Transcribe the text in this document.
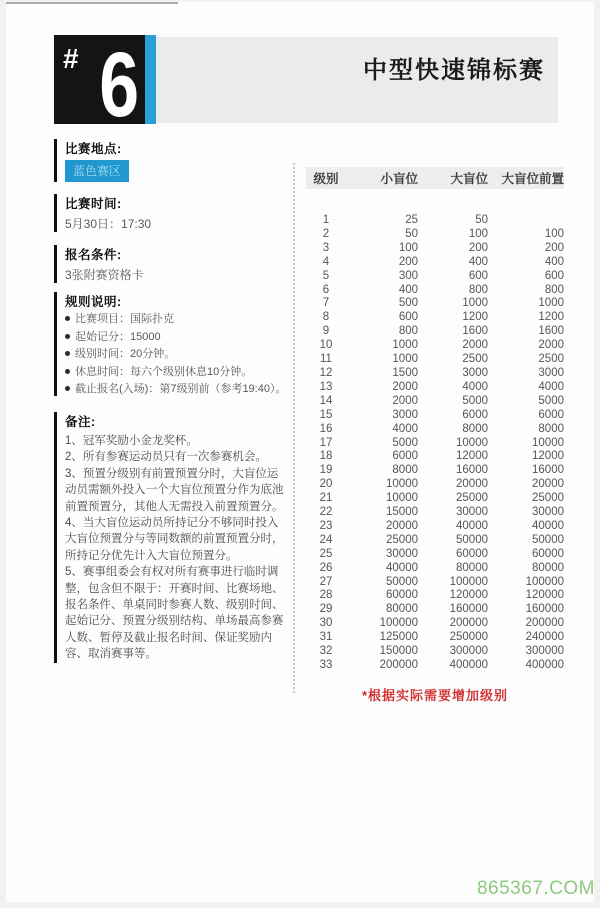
# 6	中型快速锦标赛
比赛地点:
蓝色赛区
比赛时间:
5月30日：17:30
报名条件:
3张附赛资格卡
规则说明:
比赛项目：国际扑克
起始记分：15000
级别时间：20分钟。
休息时间：每六个级别休息10分钟。
截止报名(入场)：第7级别前（参考19:40）。
备注:

1、冠军奖励小金龙奖杯。

2、所有参赛运动员只有一次参赛机会。

3、预置分级别有前置预置分时，大盲位运动员需额外投入一个大盲位预置分作为底池前置预置分，其他人无需投入前置预置分。

4、当大盲位运动员所持记分不够同时投入大盲位预置分与等同数额的前置预置分时，所持记分优先计入大盲位预置分。

5、赛事组委会有权对所有赛事进行临时调整，包含但不限于：开赛时间、比赛场地、报名条件、单桌同时参赛人数、级别时间、起始记分、预置分级别结构、单场最高参赛人数、暂停及截止报名时间、保证奖励内容、取消赛事等。

级别	小盲位	大盲位	大盲位前置
1	25	50
2	50	100	100
3	100	200	200
4	200	400	400
5	300	600	600
6	400	800	800
7	500	1000	1000
8	600	1200	1200
9	800	1600	1600
10	1000	2000	2000
11	1000	2500	2500
12	1500	3000	3000
13	2000	4000	4000
14	2000	5000	5000
15	3000	6000	6000
16	4000	8000	8000
17	5000	10000	10000
18	6000	12000	12000
19	8000	16000	16000
20	10000	20000	20000
21	10000	25000	25000
22	15000	30000	30000
23	20000	40000	40000
24	25000	50000	50000
25	30000	60000	60000
26	40000	80000	80000
27	50000	100000	100000
28	60000	120000	120000
29	80000	160000	160000
30	100000	200000	200000
31	125000	250000	240000
32	150000	300000	300000
33	200000	400000	400000
*根据实际需要增加级别
865367.COM
